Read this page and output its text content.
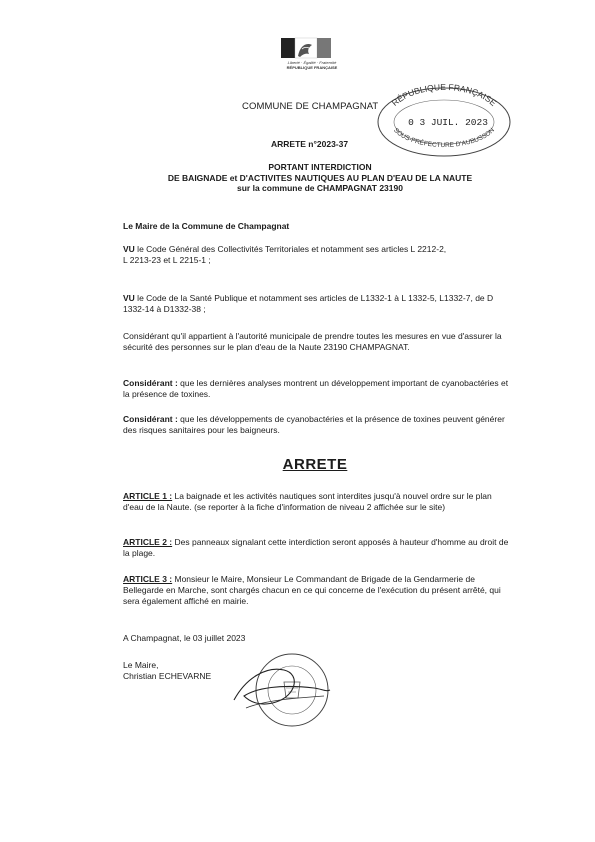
Liberté · Égalité · Fraternité
RÉPUBLIQUE FRANÇAISE
COMMUNE DE CHAMPAGNAT RÉPUBLIQUE FRANÇAISE
0 3 JUIL. 2023
SOUS-PRÉFECTURE D'AUBUSSON
ARRETE n°2023-37
PORTANT INTERDICTION
DE BAIGNADE et D'ACTIVITES NAUTIQUES AU PLAN D'EAU DE LA NAUTE
sur la commune de CHAMPAGNAT 23190
Le Maire de la Commune de Champagnat
VU le Code Général des Collectivités Territoriales et notamment ses articles L 2212-2,
L 2213-23 et L 2215-1 ;
VU le Code de la Santé Publique et notamment ses articles de L1332-1 à L 1332-5, L1332-7, de D 1332-14 à D1332-38 ;
Considérant qu'il appartient à l'autorité municipale de prendre toutes les mesures en vue d'assurer la sécurité des personnes sur le plan d'eau de la Naute 23190 CHAMPAGNAT.
Considérant : que les dernières analyses montrent un développement important de cyanobactéries et la présence de toxines.
Considérant : que les développements de cyanobactéries et la présence de toxines peuvent générer des risques sanitaires pour les baigneurs.
ARRETE
ARTICLE 1 : La baignade et les activités nautiques sont interdites jusqu'à nouvel ordre sur le plan d'eau de la Naute. (se reporter à la fiche d'information de niveau 2 affichée sur le site)
ARTICLE 2 : Des panneaux signalant cette interdiction seront apposés à hauteur d'homme au droit de la plage.
ARTICLE 3 : Monsieur le Maire, Monsieur Le Commandant de Brigade de la Gendarmerie de Bellegarde en Marche, sont chargés chacun en ce qui concerne de l'exécution du présent arrêté, qui sera également affiché en mairie.
A Champagnat, le 03 juillet 2023
Le Maire,
Christian ECHEVARNE
